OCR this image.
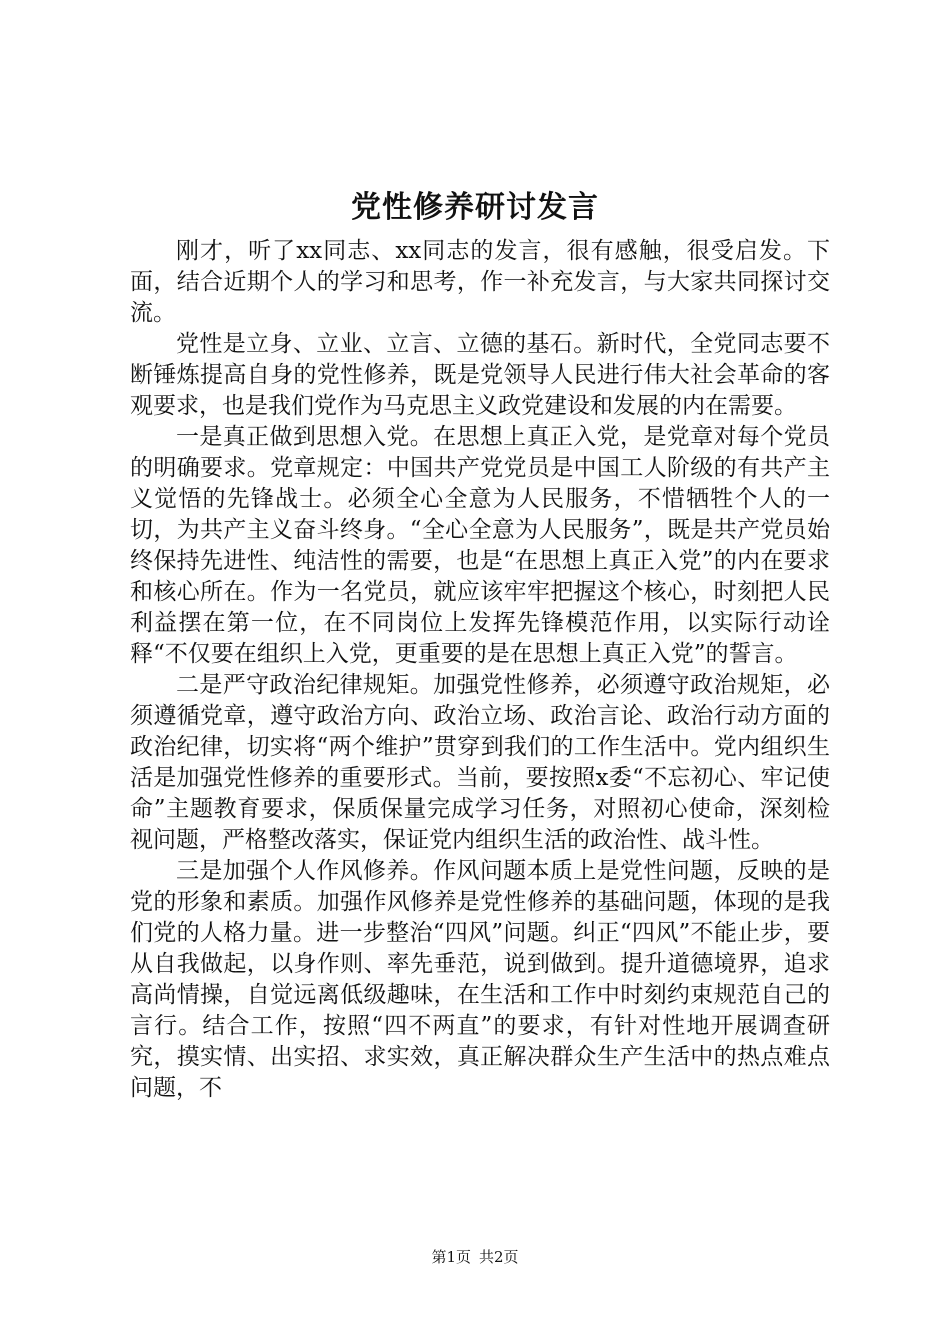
党性修养研讨发言

刚才，听了xx同志、xx同志的发言，很有感触，很受启发。下面，结合近期个人的学习和思考，作一补充发言，与大家共同探讨交流。

党性是立身、立业、立言、立德的基石。新时代，全党同志要不断锤炼提高自身的党性修养，既是党领导人民进行伟大社会革命的客观要求，也是我们党作为马克思主义政党建设和发展的内在需要。

一是真正做到思想入党。在思想上真正入党，是党章对每个党员的明确要求。党章规定：中国共产党党员是中国工人阶级的有共产主义觉悟的先锋战士。必须全心全意为人民服务，不惜牺牲个人的一切，为共产主义奋斗终身。“全心全意为人民服务”，既是共产党员始终保持先进性、纯洁性的需要，也是“在思想上真正入党”的内在要求和核心所在。作为一名党员，就应该牢牢把握这个核心，时刻把人民利益摆在第一位，在不同岗位上发挥先锋模范作用，以实际行动诠释“不仅要在组织上入党，更重要的是在思想上真正入党”的誓言。

二是严守政治纪律规矩。加强党性修养，必须遵守政治规矩，必须遵循党章，遵守政治方向、政治立场、政治言论、政治行动方面的政治纪律，切实将“两个维护”贯穿到我们的工作生活中。党内组织生活是加强党性修养的重要形式。当前，要按照x委“不忘初心、牢记使命”主题教育要求，保质保量完成学习任务，对照初心使命，深刻检视问题，严格整改落实，保证党内组织生活的政治性、战斗性。

三是加强个人作风修养。作风问题本质上是党性问题，反映的是党的形象和素质。加强作风修养是党性修养的基础问题，体现的是我们党的人格力量。进一步整治“四风”问题。纠正“四风”不能止步，要从自我做起，以身作则、率先垂范，说到做到。提升道德境界，追求高尚情操，自觉远离低级趣味，在生活和工作中时刻约束规范自己的言行。结合工作，按照“四不两直”的要求，有针对性地开展调查研究，摸实情、出实招、求实效，真正解决群众生产生活中的热点难点问题，不

第1页 共2页
